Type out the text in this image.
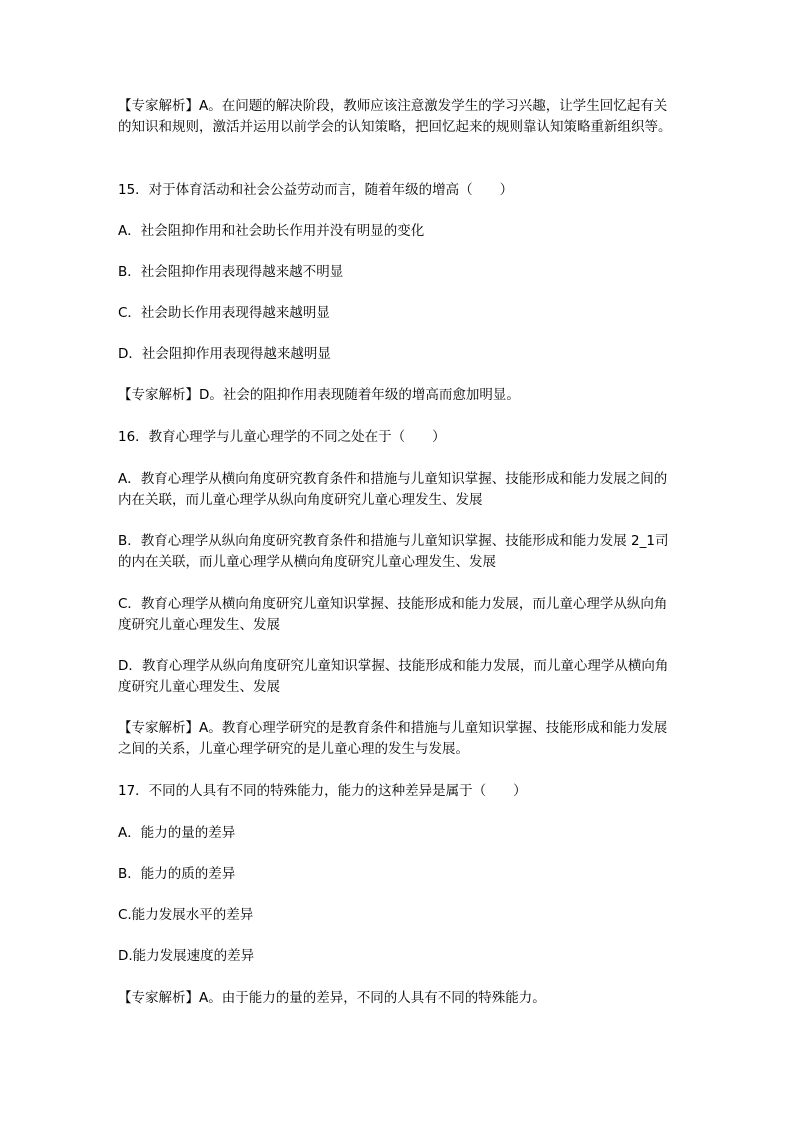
【专家解析】A。在问题的解决阶段，教师应该注意激发学生的学习兴趣，让学生回忆起有关的知识和规则，激活并运用以前学会的认知策略，把回忆起来的规则靠认知策略重新组织等。
15．对于体育活动和社会公益劳动而言，随着年级的增高（　　）
A．社会阻抑作用和社会助长作用并没有明显的变化
B．社会阻抑作用表现得越来越不明显
C．社会助长作用表现得越来越明显
D．社会阻抑作用表现得越来越明显
【专家解析】D。社会的阻抑作用表现随着年级的增高而愈加明显。
16．教育心理学与儿童心理学的不同之处在于（　　）
A．教育心理学从横向角度研究教育条件和措施与儿童知识掌握、技能形成和能力发展之间的内在关联，而儿童心理学从纵向角度研究儿童心理发生、发展
B．教育心理学从纵向角度研究教育条件和措施与儿童知识掌握、技能形成和能力发展 2_1司的内在关联，而儿童心理学从横向角度研究儿童心理发生、发展
C．教育心理学从横向角度研究儿童知识掌握、技能形成和能力发展，而儿童心理学从纵向角度研究儿童心理发生、发展
D．教育心理学从纵向角度研究儿童知识掌握、技能形成和能力发展，而儿童心理学从横向角度研究儿童心理发生、发展
【专家解析】A。教育心理学研究的是教育条件和措施与儿童知识掌握、技能形成和能力发展之间的关系，儿童心理学研究的是儿童心理的发生与发展。
17．不同的人具有不同的特殊能力，能力的这种差异是属于（　　）
A．能力的量的差异
B．能力的质的差异
C.能力发展水平的差异
D.能力发展速度的差异
【专家解析】A。由于能力的量的差异，不同的人具有不同的特殊能力。
